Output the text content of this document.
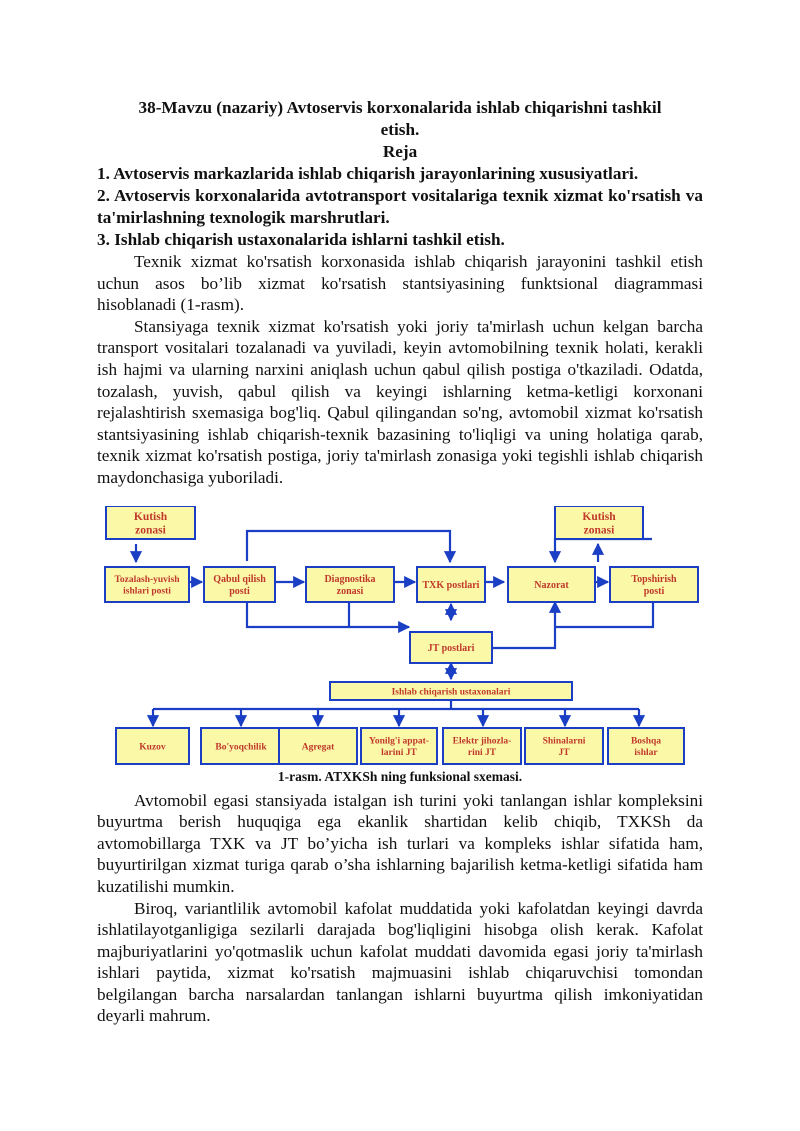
38-Mavzu (nazariy) Avtoservis korxonalarida ishlab chiqarishni tashkil
etish.
Reja
1. Avtoservis markazlarida ishlab chiqarish jarayonlarining xususiyatlari.
2. Avtoservis korxonalarida avtotransport vositalariga texnik xizmat ko'rsatish va ta'mirlashning texnologik marshrutlari.
3. Ishlab chiqarish ustaxonalarida ishlarni tashkil etish.
Texnik xizmat ko'rsatish korxonasida ishlab chiqarish jarayonini tashkil etish uchun asos bo’lib xizmat ko'rsatish stantsiyasining funktsional diagrammasi hisoblanadi (1-rasm).
Stansiyaga texnik xizmat ko'rsatish yoki joriy ta'mirlash uchun kelgan barcha transport vositalari tozalanadi va yuviladi, keyin avtomobilning texnik holati, kerakli ish hajmi va ularning narxini aniqlash uchun qabul qilish postiga o'tkaziladi. Odatda, tozalash, yuvish, qabul qilish va keyingi ishlarning ketma-ketligi korxonani rejalashtirish sxemasiga bog'liq. Qabul qilingandan so'ng, avtomobil xizmat ko'rsatish stantsiyasining ishlab chiqarish-texnik bazasining to'liqligi va uning holatiga qarab, texnik xizmat ko'rsatish postiga, joriy ta'mirlash zonasiga yoki tegishli ishlab chiqarish maydonchasiga yuboriladi.
Kutish
zonasi
Kutish
zonasi
Tozalash-yuvish
ishlari posti
Qabul qilish
posti
Diagnostika
zonasi
TXK postlari	Nazorat
Topshirish
posti
JT postlari
Ishlab chiqarish ustaxonalari
Kuzov	Bo'yoqchilik	Agregat
Yonilg'i appat-
larini JT
Elektr jihozla-
rini JT
Shinalarni
JT
Boshqa
ishlar
1-rasm. ATXKSh ning funksional sxemasi.
Avtomobil egasi stansiyada istalgan ish turini yoki tanlangan ishlar kompleksini buyurtma berish huquqiga ega ekanlik shartidan kelib chiqib, TXKSh da avtomobillarga TXK va JT bo’yicha ish turlari va kompleks ishlar sifatida ham, buyurtirilgan xizmat turiga qarab o’sha ishlarning bajarilish ketma-ketligi sifatida ham kuzatilishi mumkin.
Biroq, variantlilik avtomobil kafolat muddatida yoki kafolatdan keyingi davrda ishlatilayotganligiga sezilarli darajada bog'liqligini hisobga olish kerak. Kafolat majburiyatlarini yo'qotmaslik uchun kafolat muddati davomida egasi joriy ta'mirlash ishlari paytida, xizmat ko'rsatish majmuasini ishlab chiqaruvchisi tomondan belgilangan barcha narsalardan tanlangan ishlarni buyurtma qilish imkoniyatidan deyarli mahrum.
